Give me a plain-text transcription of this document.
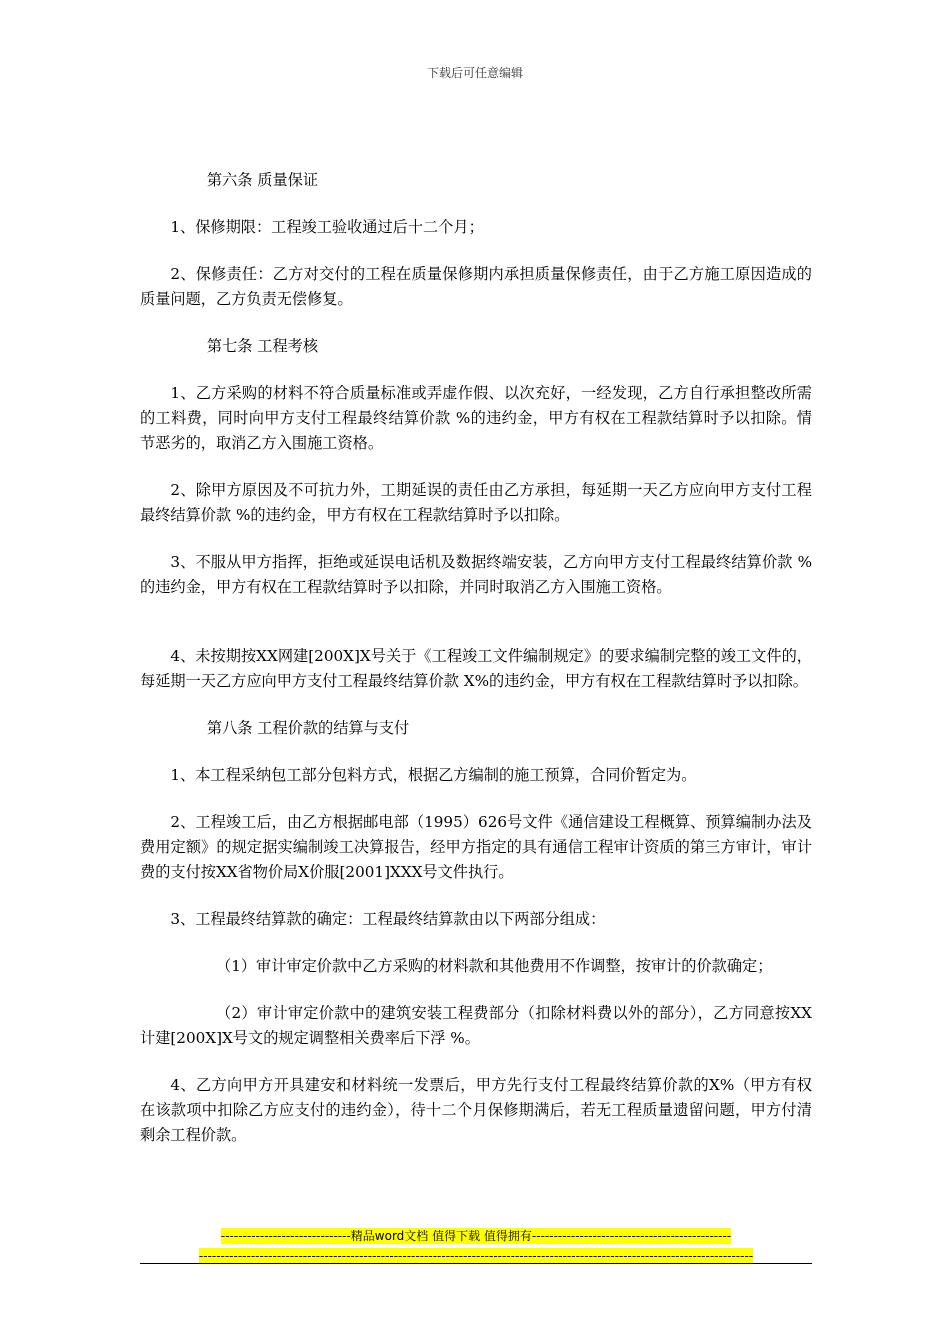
下载后可任意编辑

第六条 质量保证

1、保修期限：工程竣工验收通过后十二个月；

2、保修责任：乙方对交付的工程在质量保修期内承担质量保修责任，由于乙方施工原因造成的质量问题，乙方负责无偿修复。

第七条 工程考核

1、乙方采购的材料不符合质量标准或弄虚作假、以次充好，一经发现，乙方自行承担整改所需的工料费，同时向甲方支付工程最终结算价款 %的违约金，甲方有权在工程款结算时予以扣除。情节恶劣的，取消乙方入围施工资格。

2、除甲方原因及不可抗力外，工期延误的责任由乙方承担，每延期一天乙方应向甲方支付工程最终结算价款 %的违约金，甲方有权在工程款结算时予以扣除。

3、不服从甲方指挥，拒绝或延误电话机及数据终端安装，乙方向甲方支付工程最终结算价款 %的违约金，甲方有权在工程款结算时予以扣除，并同时取消乙方入围施工资格。

4、未按期按XX网建[200X]X号关于《工程竣工文件编制规定》的要求编制完整的竣工文件的，每延期一天乙方应向甲方支付工程最终结算价款 X%的违约金，甲方有权在工程款结算时予以扣除。

第八条 工程价款的结算与支付

1、本工程采纳包工部分包料方式，根据乙方编制的施工预算，合同价暂定为。

2、工程竣工后，由乙方根据邮电部（1995）626号文件《通信建设工程概算、预算编制办法及费用定额》的规定据实编制竣工决算报告，经甲方指定的具有通信工程审计资质的第三方审计，审计费的支付按XX省物价局X价服[2001]XXX号文件执行。

3、工程最终结算款的确定：工程最终结算款由以下两部分组成：

（1）审计审定价款中乙方采购的材料款和其他费用不作调整，按审计的价款确定；

（2）审计审定价款中的建筑安装工程费部分（扣除材料费以外的部分），乙方同意按XX计建[200X]X号文的规定调整相关费率后下浮 %。

4、乙方向甲方开具建安和材料统一发票后，甲方先行支付工程最终结算价款的X%（甲方有权在该款项中扣除乙方应支付的违约金），待十二个月保修期满后，若无工程质量遗留问题，甲方付清剩余工程价款。

------------------------------精品word文档 值得下载 值得拥有----------------------------------------------
--------------------------------------------------------------------------------------------------------------------------------
